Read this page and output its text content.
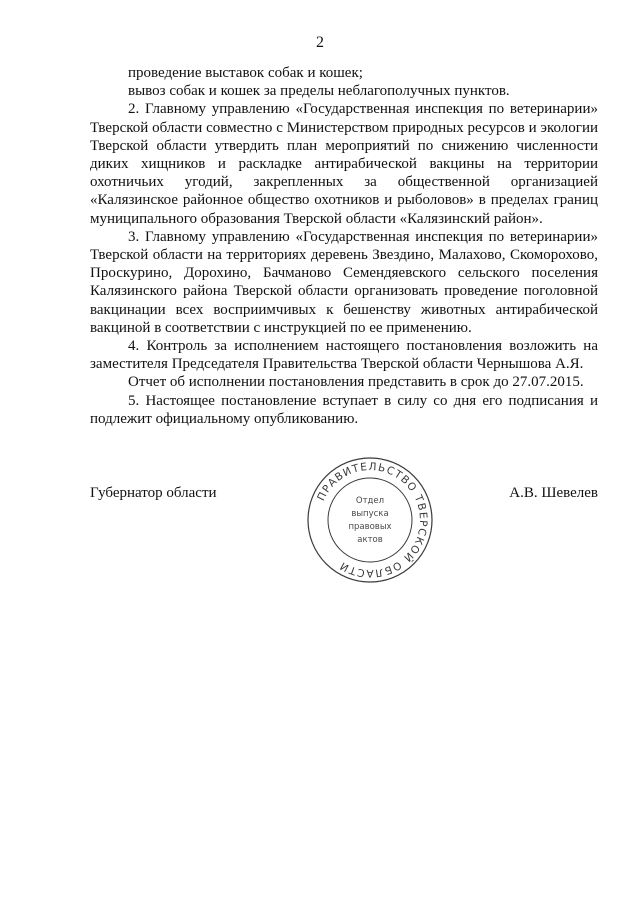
2

проведение выставок собак и кошек;

вывоз собак и кошек за пределы неблагополучных пунктов.

2. Главному управлению «Государственная инспекция по ветеринарии» Тверской области совместно с Министерством природных ресурсов и экологии Тверской области утвердить план мероприятий по снижению численности диких хищников и раскладке антирабической вакцины на территории охотничьих угодий, закрепленных за общественной организацией «Калязинское районное общество охотников и рыболовов» в пределах границ муниципального образования Тверской области «Калязинский район».

3. Главному управлению «Государственная инспекция по ветеринарии» Тверской области на территориях деревень Звездино, Малахово, Скоморохово, Проскурино, Дорохино, Бачманово Семендяевского сельского поселения Калязинского района Тверской области организовать проведение поголовной вакцинации всех восприимчивых к бешенству животных антирабической вакциной в соответствии с инструкцией по ее применению.

4. Контроль за исполнением настоящего постановления возложить на заместителя Председателя Правительства Тверской области Чернышова А.Я.

Отчет об исполнении постановления представить в срок до 27.07.2015.

5. Настоящее постановление вступает в силу со дня его подписания и подлежит официальному опубликованию.

Губернатор области	А.В. Шевелев
ПРАВИТЕЛЬСТВО ТВЕРСКОЙ ОБЛАСТИ
Отдел
выпуска
правовых
актов
